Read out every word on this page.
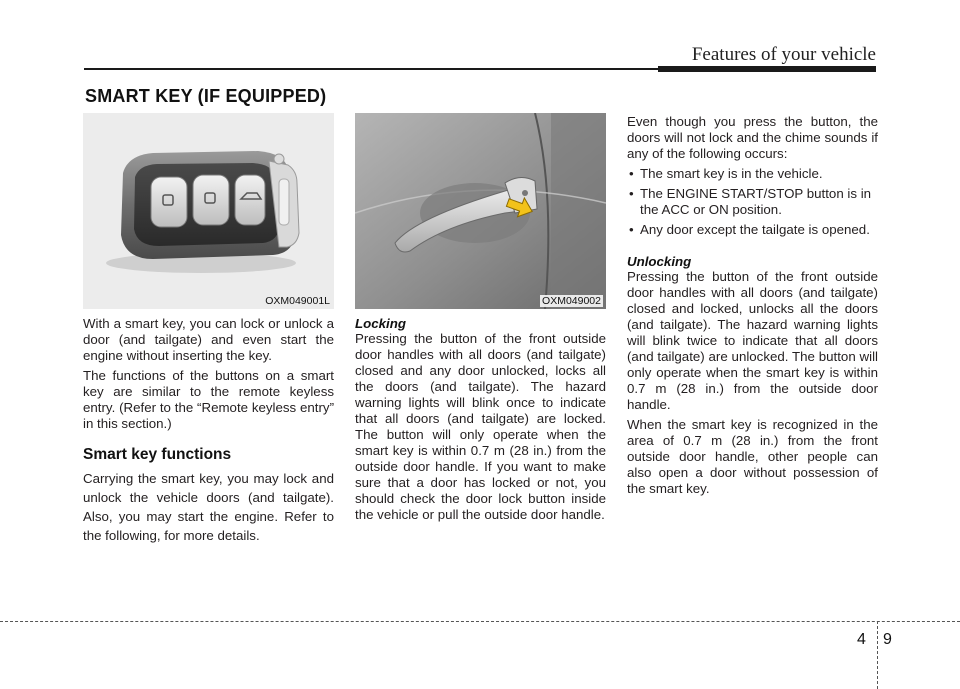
Features of your vehicle
SMART KEY (IF EQUIPPED)
OXM049001L	OXM049002

With a smart key, you can lock or unlock a door (and tailgate) and even start the engine without inserting the key.

The functions of the buttons on a smart key are similar to the remote keyless entry. (Refer to the “Remote keyless entry” in this section.)

Smart key functions

Carrying the smart key, you may lock and unlock the vehicle doors (and tailgate). Also, you may start the engine. Refer to the following, for more details.

Locking

Pressing the button of the front outside door handles with all doors (and tailgate) closed and any door unlocked, locks all the doors (and tailgate). The hazard warning lights will blink once to indicate that all doors (and tailgate) are locked. The button will only operate when the smart key is within 0.7 m (28 in.) from the outside door handle. If you want to make sure that a door has locked or not, you should check the door lock button inside the vehicle or pull the outside door handle.

Even though you press the button, the doors will not lock and the chime sounds if any of the following occurs:

• The smart key is in the vehicle.
• The ENGINE START/STOP button is in the ACC or ON position.
• Any door except the tailgate is opened.

Unlocking

Pressing the button of the front outside door handles with all doors (and tailgate) closed and locked, unlocks all the doors (and tailgate). The hazard warning lights will blink twice to indicate that all doors (and tailgate) are unlocked. The button will only operate when the smart key is within 0.7 m (28 in.) from the outside door handle.

When the smart key is recognized in the area of 0.7 m (28 in.) from the front outside door handle, other people can also open a door without possession of the smart key.

4 9
